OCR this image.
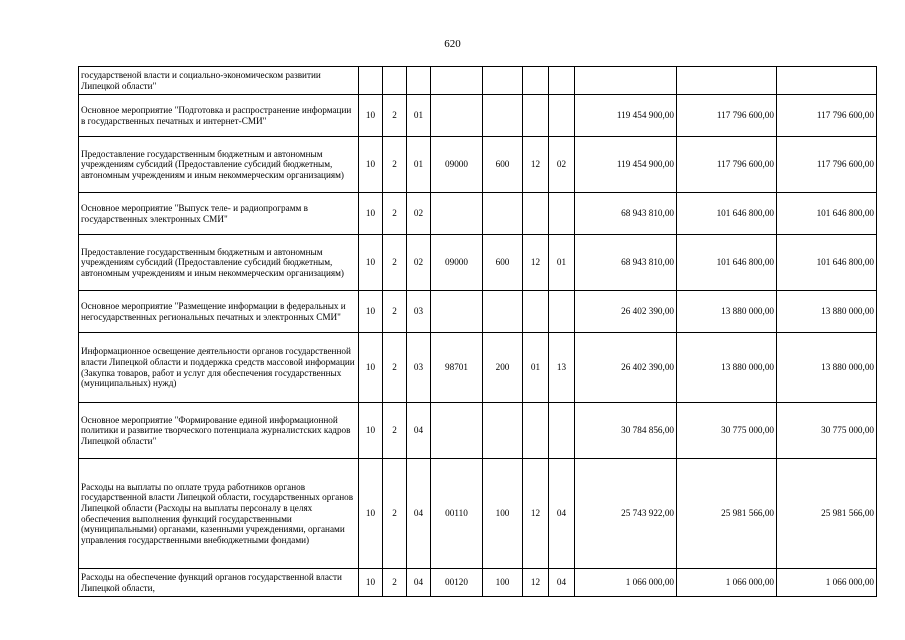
620
государственой власти и социально-экономическом развитии Липецкой области"										
Основное мероприятие "Подготовка и распространение информации в государственных печатных и интернет-СМИ"	10	2	01					119 454 900,00	117 796 600,00	117 796 600,00
Предоставление государственным бюджетным и автономным учреждениям субсидий (Предоставление субсидий бюджетным, автономным учреждениям и иным некоммерческим организациям)	10	2	01	09000	600	12	02	119 454 900,00	117 796 600,00	117 796 600,00
Основное мероприятие "Выпуск теле- и радиопрограмм в государственных электронных СМИ"	10	2	02					68 943 810,00	101 646 800,00	101 646 800,00
Предоставление государственным бюджетным и автономным учреждениям субсидий (Предоставление субсидий бюджетным, автономным учреждениям и иным некоммерческим организациям)	10	2	02	09000	600	12	01	68 943 810,00	101 646 800,00	101 646 800,00
Основное мероприятие "Размещение информации в федеральных и негосударственных региональных печатных и электронных СМИ"	10	2	03					26 402 390,00	13 880 000,00	13 880 000,00
Информационное освещение деятельности органов государственной власти Липецкой области и поддержка средств массовой информации (Закупка товаров, работ и услуг для обеспечения государственных (муниципальных) нужд)	10	2	03	98701	200	01	13	26 402 390,00	13 880 000,00	13 880 000,00
Основное мероприятие "Формирование единой информационной политики и развитие творческого потенциала журналистских кадров Липецкой области"	10	2	04					30 784 856,00	30 775 000,00	30 775 000,00
Расходы на выплаты по оплате труда работников органов государственной власти Липецкой области, государственных органов Липецкой области (Расходы на выплаты персоналу в целях обеспечения выполнения функций государственными (муниципальными) органами, казенными учреждениями, органами управления государственными внебюджетными фондами)	10	2	04	00110	100	12	04	25 743 922,00	25 981 566,00	25 981 566,00
Расходы на обеспечение функций органов государственной власти Липецкой области,	10	2	04	00120	100	12	04	1 066 000,00	1 066 000,00	1 066 000,00
